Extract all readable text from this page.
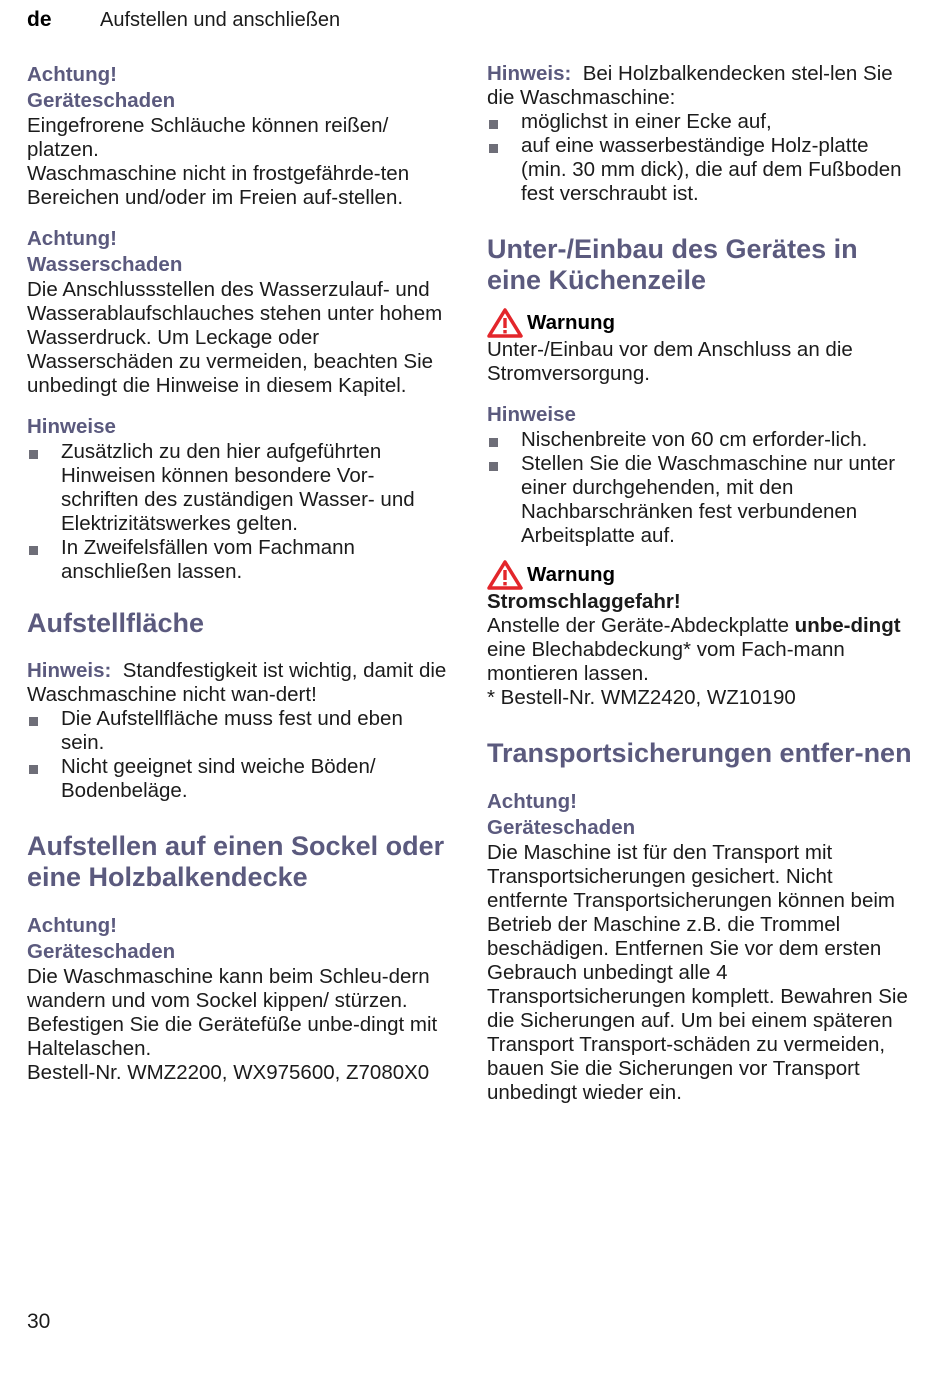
de Aufstellen und anschließen

Achtung!

Geräteschaden

Eingefrorene Schläuche können reißen/ platzen.

Waschmaschine nicht in frostgefährde-ten Bereichen und/oder im Freien auf-stellen.

Achtung!

Wasserschaden

Die Anschlussstellen des Wasserzulauf- und Wasserablaufschlauches stehen unter hohem Wasserdruck. Um Leckage oder Wasserschäden zu vermeiden, beachten Sie unbedingt die Hinweise in diesem Kapitel.

Hinweise

Zusätzlich zu den hier aufgeführten Hinweisen können besondere Vor-schriften des zuständigen Wasser- und Elektrizitätswerkes gelten.
In Zweifelsfällen vom Fachmann anschließen lassen.

Aufstellfläche

Hinweis: Standfestigkeit ist wichtig, damit die Waschmaschine nicht wan-dert!

Die Aufstellfläche muss fest und eben sein.
Nicht geeignet sind weiche Böden/ Bodenbeläge.

Aufstellen auf einen Sockel oder eine Holzbalkendecke

Achtung!

Geräteschaden

Die Waschmaschine kann beim Schleu-dern wandern und vom Sockel kippen/ stürzen.

Befestigen Sie die Gerätefüße unbe-dingt mit Haltelaschen.

Bestell-Nr. WMZ2200, WX975600, Z7080X0

Hinweis: Bei Holzbalkendecken stel-len Sie die Waschmaschine:

möglichst in einer Ecke auf,
auf eine wasserbeständige Holz-platte (min. 30 mm dick), die auf dem Fußboden fest verschraubt ist.

Unter-/Einbau des Gerätes in eine Küchenzeile

Warnung

Unter-/Einbau vor dem Anschluss an die Stromversorgung.

Hinweise

Nischenbreite von 60 cm erforder-lich.
Stellen Sie die Waschmaschine nur unter einer durchgehenden, mit den Nachbarschränken fest verbundenen Arbeitsplatte auf.

Warnung

Stromschlaggefahr!

Anstelle der Geräte-Abdeckplatte unbe-dingt eine Blechabdeckung* vom Fach-mann montieren lassen.

* Bestell-Nr. WMZ2420, WZ10190

Transportsicherungen entfer-nen

Achtung!

Geräteschaden

Die Maschine ist für den Transport mit Transportsicherungen gesichert. Nicht entfernte Transportsicherungen können beim Betrieb der Maschine z.B. die Trommel beschädigen. Entfernen Sie vor dem ersten Gebrauch unbedingt alle 4 Transportsicherungen komplett. Bewahren Sie die Sicherungen auf. Um bei einem späteren Transport Transport-schäden zu vermeiden, bauen Sie die Sicherungen vor Transport unbedingt wieder ein.

30
